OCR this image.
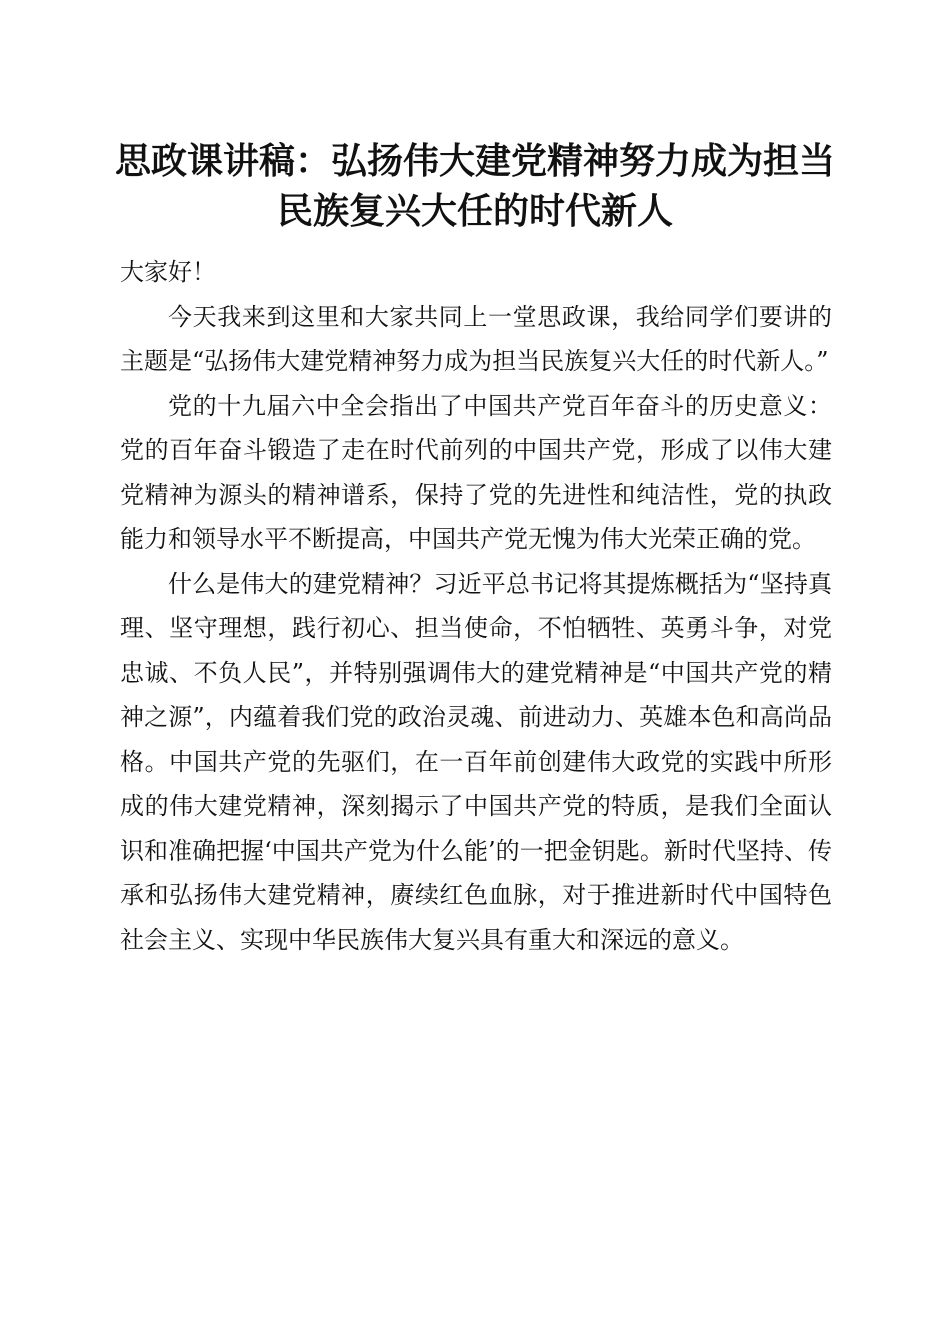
思政课讲稿：弘扬伟大建党精神努力成为担当
民族复兴大任的时代新人

大家好！

今天我来到这里和大家共同上一堂思政课，我给同学们要讲的主题是“弘扬伟大建党精神努力成为担当民族复兴大任的时代新人。”

党的十九届六中全会指出了中国共产党百年奋斗的历史意义：党的百年奋斗锻造了走在时代前列的中国共产党，形成了以伟大建党精神为源头的精神谱系，保持了党的先进性和纯洁性，党的执政能力和领导水平不断提高，中国共产党无愧为伟大光荣正确的党。

什么是伟大的建党精神？习近平总书记将其提炼概括为“坚持真理、坚守理想，践行初心、担当使命，不怕牺牲、英勇斗争，对党忠诚、不负人民”，并特别强调伟大的建党精神是“中国共产党的精神之源”，内蕴着我们党的政治灵魂、前进动力、英雄本色和高尚品格。中国共产党的先驱们，在一百年前创建伟大政党的实践中所形成的伟大建党精神，深刻揭示了中国共产党的特质，是我们全面认识和准确把握‘中国共产党为什么能’的一把金钥匙。新时代坚持、传承和弘扬伟大建党精神，赓续红色血脉，对于推进新时代中国特色社会主义、实现中华民族伟大复兴具有重大和深远的意义。
